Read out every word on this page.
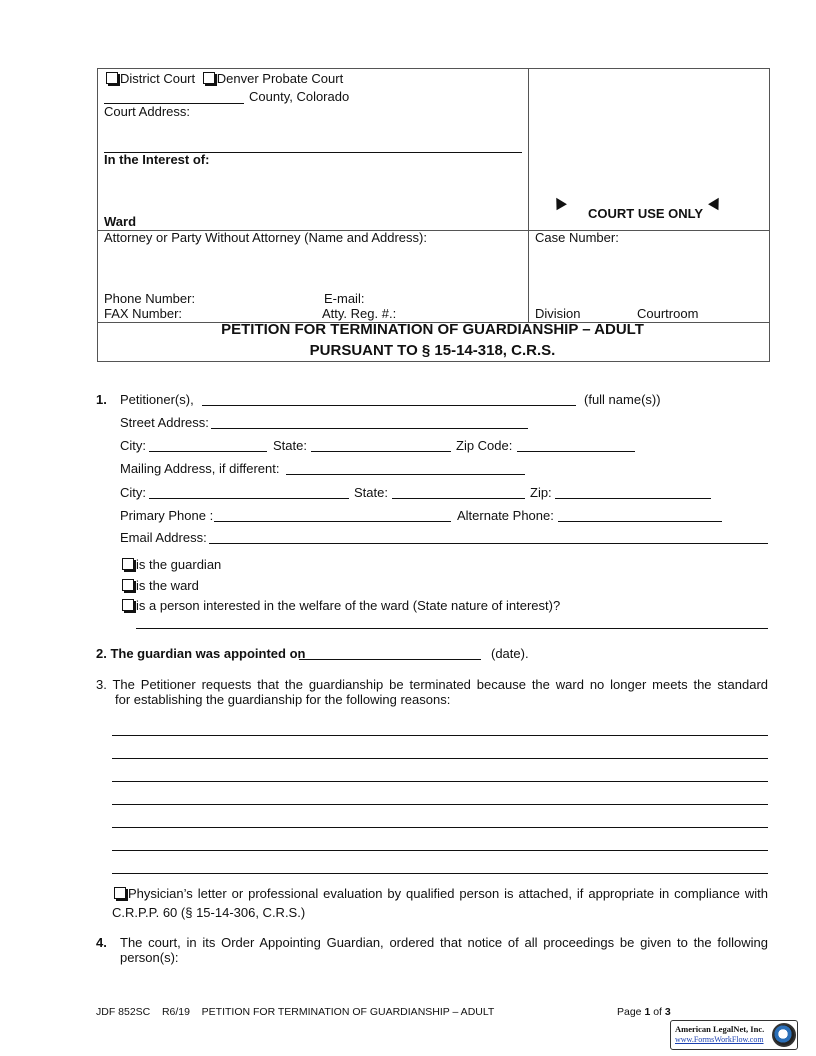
District Court Denver Probate Court
County, Colorado
Court Address:
In the Interest of:
Ward
COURT USE ONLY
Attorney or Party Without Attorney (Name and Address):
Phone Number:	E-mail:
FAX Number:	Atty. Reg. #.:
Case Number:
Division	Courtroom
PETITION FOR TERMINATION OF GUARDIANSHIP – ADULT
PURSUANT TO § 15-14-318, C.R.S.
1. Petitioner(s),	(full name(s))
Street Address:
City:	State:	Zip Code:
Mailing Address, if different:
City:	State:	Zip:
Primary Phone :	Alternate Phone:
Email Address:
is the guardian
is the ward
is a person interested in the welfare of the ward (State nature of interest)?
2. The guardian was appointed on	(date).
3. The Petitioner requests that the guardianship be terminated because the ward no longer meets the standard
for establishing the guardianship for the following reasons:
Physician’s letter or professional evaluation by qualified person is attached, if appropriate in compliance with
C.R.P.P. 60 (§ 15-14-306, C.R.S.)
4. The court, in its Order Appointing Guardian, ordered that notice of all proceedings be given to the following
person(s):
JDF 852SC R6/19 PETITION FOR TERMINATION OF GUARDIANSHIP – ADULT	Page 1 of 3
American LegalNet, Inc.
www.FormsWorkFlow.com
